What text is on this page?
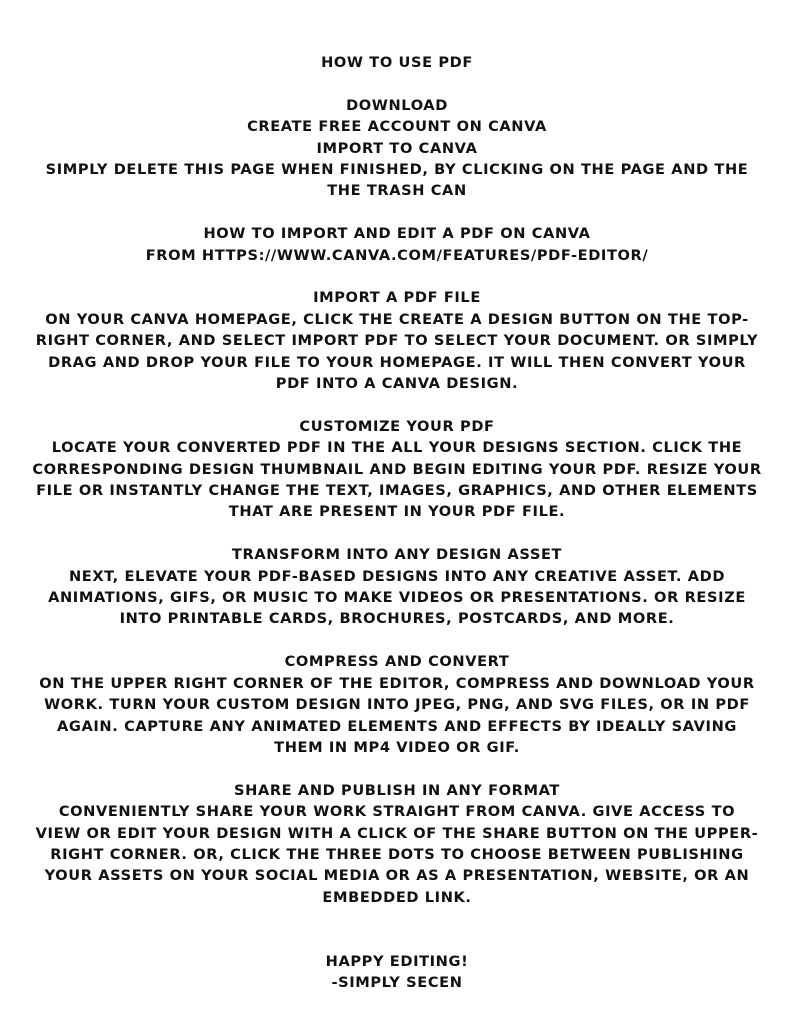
HOW TO USE PDF
DOWNLOAD
CREATE FREE ACCOUNT ON CANVA
IMPORT TO CANVA
SIMPLY DELETE THIS PAGE WHEN FINISHED, BY CLICKING ON THE PAGE AND THE
THE TRASH CAN
HOW TO IMPORT AND EDIT A PDF ON CANVA
FROM HTTPS://WWW.CANVA.COM/FEATURES/PDF-EDITOR/
IMPORT A PDF FILE
ON YOUR CANVA HOMEPAGE, CLICK THE CREATE A DESIGN BUTTON ON THE TOP-
RIGHT CORNER, AND SELECT IMPORT PDF TO SELECT YOUR DOCUMENT. OR SIMPLY
DRAG AND DROP YOUR FILE TO YOUR HOMEPAGE. IT WILL THEN CONVERT YOUR
PDF INTO A CANVA DESIGN.
CUSTOMIZE YOUR PDF
LOCATE YOUR CONVERTED PDF IN THE ALL YOUR DESIGNS SECTION. CLICK THE
CORRESPONDING DESIGN THUMBNAIL AND BEGIN EDITING YOUR PDF. RESIZE YOUR
FILE OR INSTANTLY CHANGE THE TEXT, IMAGES, GRAPHICS, AND OTHER ELEMENTS
THAT ARE PRESENT IN YOUR PDF FILE.
TRANSFORM INTO ANY DESIGN ASSET
NEXT, ELEVATE YOUR PDF-BASED DESIGNS INTO ANY CREATIVE ASSET. ADD
ANIMATIONS, GIFS, OR MUSIC TO MAKE VIDEOS OR PRESENTATIONS. OR RESIZE
INTO PRINTABLE CARDS, BROCHURES, POSTCARDS, AND MORE.
COMPRESS AND CONVERT
ON THE UPPER RIGHT CORNER OF THE EDITOR, COMPRESS AND DOWNLOAD YOUR
WORK. TURN YOUR CUSTOM DESIGN INTO JPEG, PNG, AND SVG FILES, OR IN PDF
AGAIN. CAPTURE ANY ANIMATED ELEMENTS AND EFFECTS BY IDEALLY SAVING
THEM IN MP4 VIDEO OR GIF.
SHARE AND PUBLISH IN ANY FORMAT
CONVENIENTLY SHARE YOUR WORK STRAIGHT FROM CANVA. GIVE ACCESS TO
VIEW OR EDIT YOUR DESIGN WITH A CLICK OF THE SHARE BUTTON ON THE UPPER-
RIGHT CORNER. OR, CLICK THE THREE DOTS TO CHOOSE BETWEEN PUBLISHING
YOUR ASSETS ON YOUR SOCIAL MEDIA OR AS A PRESENTATION, WEBSITE, OR AN
EMBEDDED LINK.
HAPPY EDITING!
-SIMPLY SECEN
